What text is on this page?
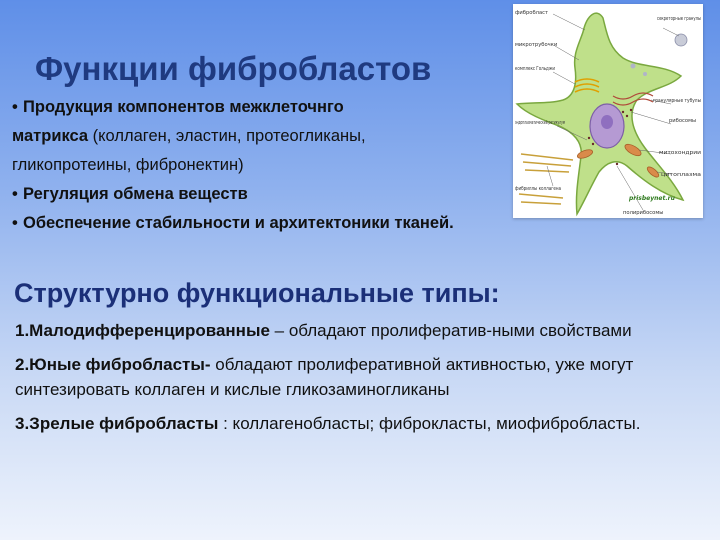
Функции фибробластов
• Продукция компонентов межклеточнго
матрикса (коллаген, эластин, протеогликаны,
гликопротеины, фибронектин)
• Регуляция обмена веществ
• Обеспечение стабильности и архитектоники тканей.
Структурно функциональные типы:
1.Малодифференцированные – обладают пролифератив-ными свойствами
2.Юные фибробласты- обладают пролиферативной активностью, уже могут синтезировать коллаген и кислые гликозаминогликаны
3.Зрелые фибробласты : коллагенобласты; фиброкласты, миофибробласты.
фибробласт
секреторные гранулы
микротрубочки
комплекс Гольджи
гранулярные тубулы
рибосомы
эндоплазматический ретикулум
митохондрии
цитоплазма
фибриллы коллагена
prisbeynet.ru
полирибосомы
